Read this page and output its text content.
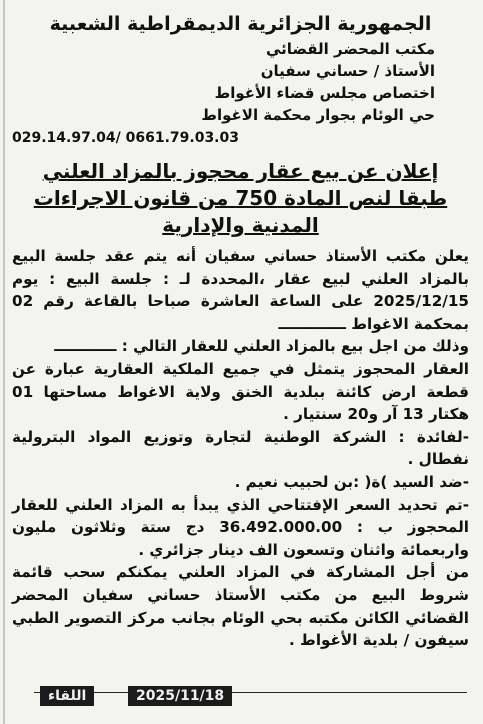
الجمهورية الجزائرية الديمقراطية الشعبية
مكتب المحضر القضائي
الأستاذ / حساني سفيان
اختصاص مجلس قضاء الأغواط
حي الوئام بجوار محكمة الاغواط
029.14.97.04/ 0661.79.03.03
إعلان عن بيع عقار محجوز بالمزاد العلني
طبقا لنص المادة 750 من قانون الاجراءات
المدنية والإدارية
يعلن مكتب الأستاذ حساني سفيان أنه يتم عقد جلسة البيع بالمزاد العلني لبيع عقار ،المحددة لـ : جلسة البيع : يوم 2025/12/15 على الساعة العاشرة صباحا بالقاعة رقم 02 بمحكمة الاغواط ـــــــــــــ
وذلك من اجل بيع بالمزاد العلني للعقار التالي : ــــــــــــ
العقار المحجوز يتمثل في جميع الملكية العقارية عبارة عن قطعة ارض كائنة ببلدية الخنق ولاية الاغواط مساحتها 01 هكتار 13 آر و20 سنتيار .
-لفائدة : الشركة الوطنية لتجارة وتوزيع المواد البترولية نفطال .
-ضد السيد )ة( :بن لحبيب نعيم .
-تم تحديد السعر الإفتتاحي الذي يبدأ به المزاد العلني للعقار المحجوز ب : 36.492.000.00 دج ستة وثلاثون مليون واربعمائة واثنان وتسعون الف دينار جزائري .
من أجل المشاركة في المزاد العلني يمكنكم سحب قائمة شروط البيع من مكتب الأستاذ حساني سفيان المحضر القضائي الكائن مكتبه بحي الوئام بجانب مركز التصوير الطبي سيفون / بلدية الأغواط .
2025/11/18
اللقاء
